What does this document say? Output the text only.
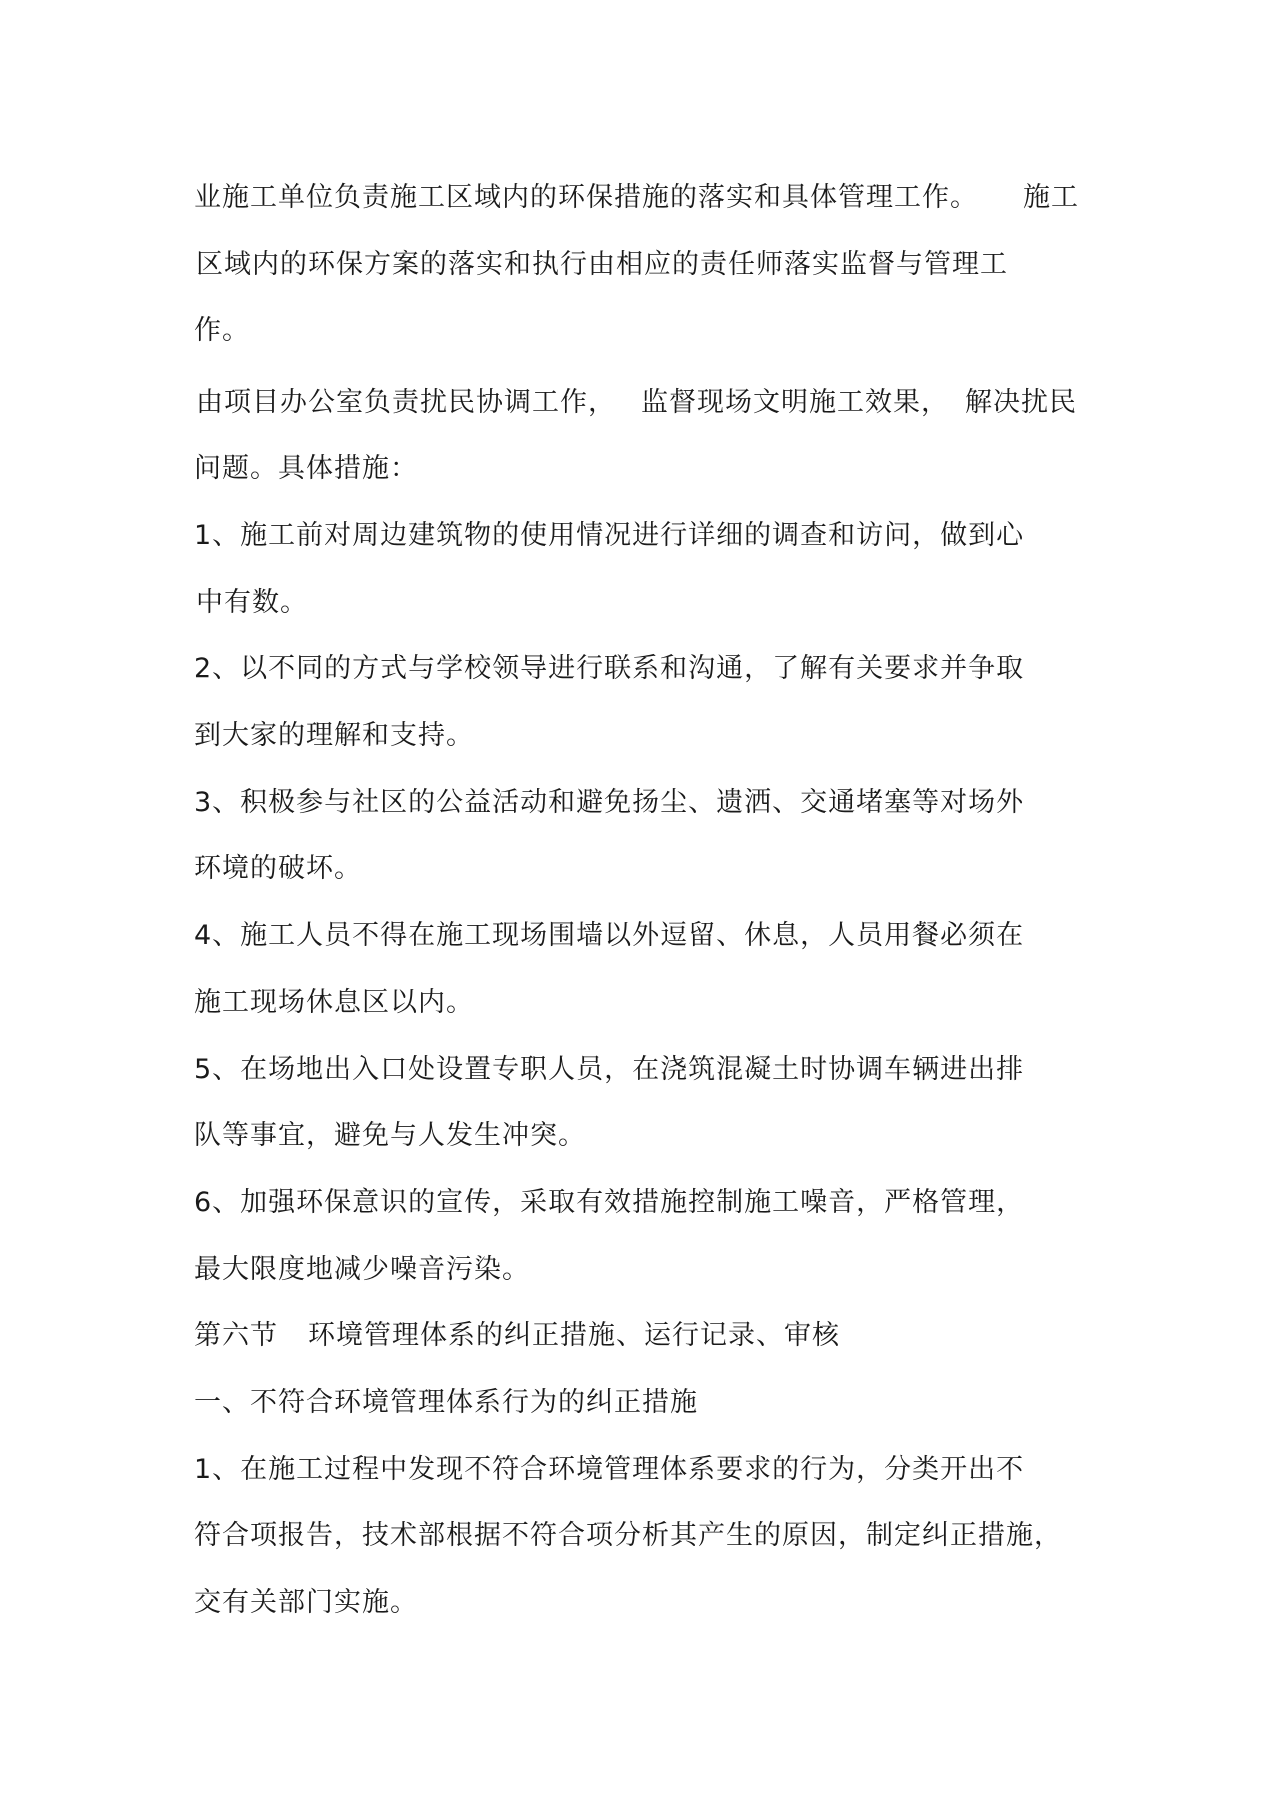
业施工单位负责施工区域内的环保措施的落实和具体管理工作。 施工
区域内的环保方案的落实和执行由相应的责任师落实监督与管理工
作。
由项目办公室负责扰民协调工作， 监督现场文明施工效果， 解决扰民
问题。具体措施：
1、施工前对周边建筑物的使用情况进行详细的调查和访问，做到心
中有数。
2、以不同的方式与学校领导进行联系和沟通，了解有关要求并争取
到大家的理解和支持。
3、积极参与社区的公益活动和避免扬尘、遗洒、交通堵塞等对场外
环境的破坏。
4、施工人员不得在施工现场围墙以外逗留、休息，人员用餐必须在
施工现场休息区以内。
5、在场地出入口处设置专职人员，在浇筑混凝土时协调车辆进出排
队等事宜，避免与人发生冲突。
6、加强环保意识的宣传，采取有效措施控制施工噪音，严格管理，
最大限度地减少噪音污染。
第六节 环境管理体系的纠正措施、运行记录、审核
一、不符合环境管理体系行为的纠正措施
1、在施工过程中发现不符合环境管理体系要求的行为，分类开出不
符合项报告，技术部根据不符合项分析其产生的原因，制定纠正措施，
交有关部门实施。
